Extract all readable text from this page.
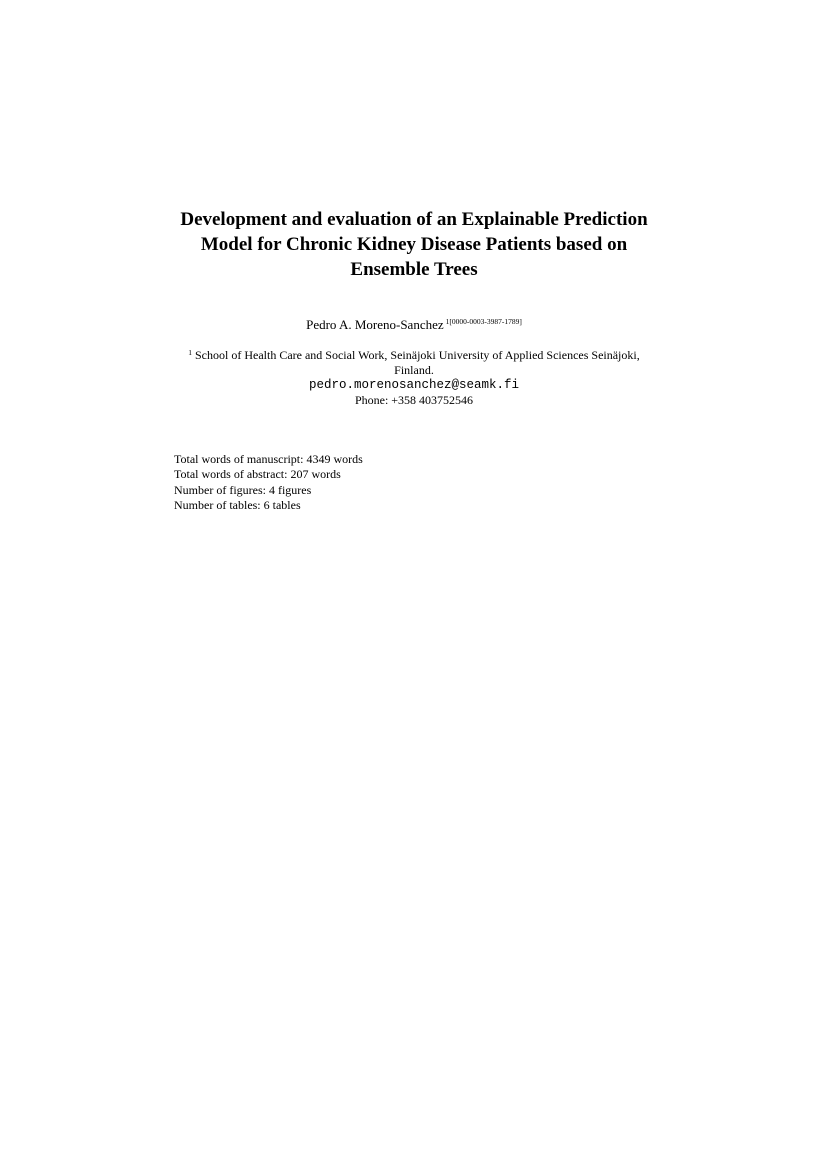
Development and evaluation of an Explainable Prediction
Model for Chronic Kidney Disease Patients based on
Ensemble Trees
Pedro A. Moreno-Sanchez $^{1[0000-0003-3987-1789]}$
$^1$ School of Health Care and Social Work, Seinäjoki University of Applied Sciences Seinäjoki,
Finland.
pedro.morenosanchez@seamk.fi
Phone: +358 403752546
Total words of manuscript: 4349 words
Total words of abstract: 207 words
Number of figures: 4 figures
Number of tables: 6 tables
